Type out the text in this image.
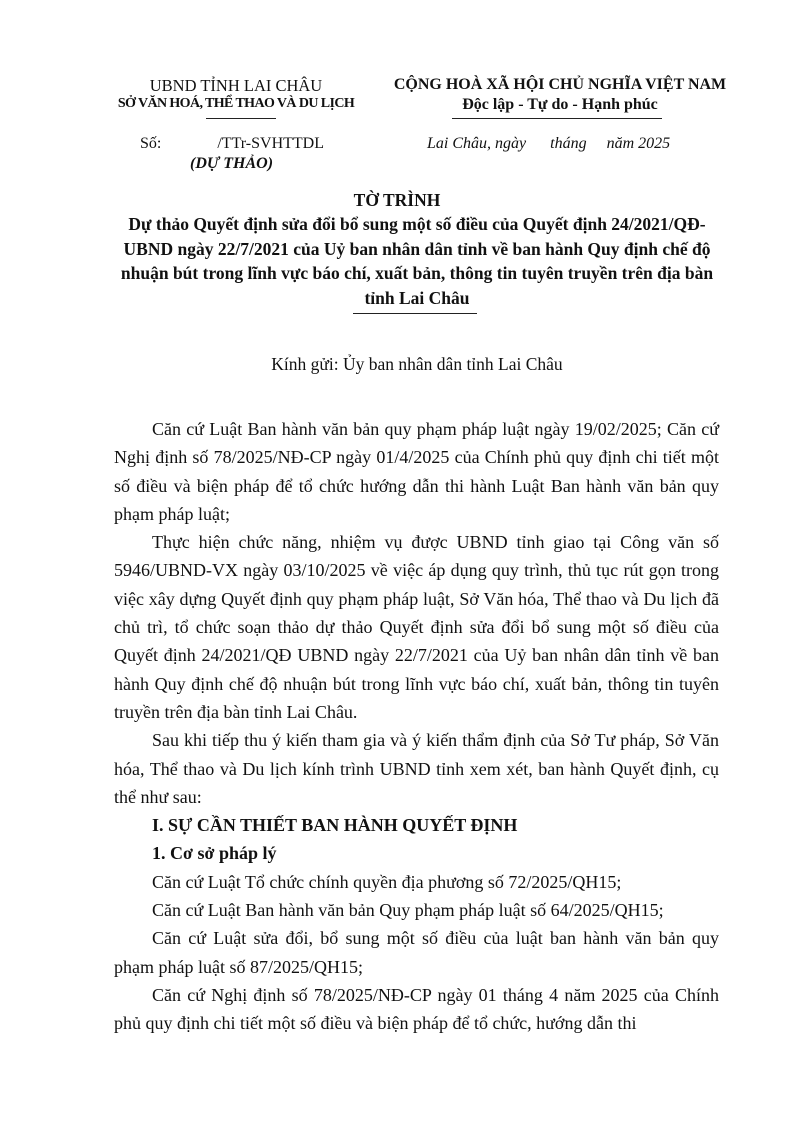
UBND TỈNH LAI CHÂU
SỞ VĂN HOÁ, THỂ THAO VÀ DU LỊCH
CỘNG HOÀ XÃ HỘI CHỦ NGHĨA VIỆT NAM
Độc lập - Tự do - Hạnh phúc
Số:	/TTr-SVHTTDL
(DỰ THẢO)
Lai Châu, ngày      tháng     năm 2025
TỜ TRÌNH
Dự thảo Quyết định sửa đổi bổ sung một số điều của Quyết định 24/2021/QĐ-UBND ngày 22/7/2021 của Uỷ ban nhân dân tỉnh về ban hành Quy định chế độ nhuận bút trong lĩnh vực báo chí, xuất bản, thông tin tuyên truyền trên địa bàn tỉnh Lai Châu
Kính gửi: Ủy ban nhân dân tỉnh Lai Châu

Căn cứ Luật Ban hành văn bản quy phạm pháp luật ngày 19/02/2025; Căn cứ Nghị định số 78/2025/NĐ-CP ngày 01/4/2025 của Chính phủ quy định chi tiết một số điều và biện pháp để tổ chức hướng dẫn thi hành Luật Ban hành văn bản quy phạm pháp luật;

Thực hiện chức năng, nhiệm vụ được UBND tỉnh giao tại Công văn số 5946/UBND-VX ngày 03/10/2025 về việc áp dụng quy trình, thủ tục rút gọn trong việc xây dựng Quyết định quy phạm pháp luật, Sở Văn hóa, Thể thao và Du lịch đã chủ trì, tổ chức soạn thảo dự thảo Quyết định sửa đổi bổ sung một số điều của Quyết định 24/2021/QĐ UBND ngày 22/7/2021 của Uỷ ban nhân dân tỉnh về ban hành Quy định chế độ nhuận bút trong lĩnh vực báo chí, xuất bản, thông tin tuyên truyền trên địa bàn tỉnh Lai Châu.

Sau khi tiếp thu ý kiến tham gia và ý kiến thẩm định của Sở Tư pháp, Sở Văn hóa, Thể thao và Du lịch kính trình UBND tỉnh xem xét, ban hành Quyết định, cụ thể như sau:

I. SỰ CẦN THIẾT BAN HÀNH QUYẾT ĐỊNH

1. Cơ sở pháp lý

Căn cứ Luật Tổ chức chính quyền địa phương số 72/2025/QH15;

Căn cứ Luật Ban hành văn bản Quy phạm pháp luật số 64/2025/QH15;

Căn cứ Luật sửa đổi, bổ sung một số điều của luật ban hành văn bản quy phạm pháp luật số 87/2025/QH15;

Căn cứ Nghị định số 78/2025/NĐ-CP ngày 01 tháng 4 năm 2025 của Chính phủ quy định chi tiết một số điều và biện pháp để tổ chức, hướng dẫn thi
